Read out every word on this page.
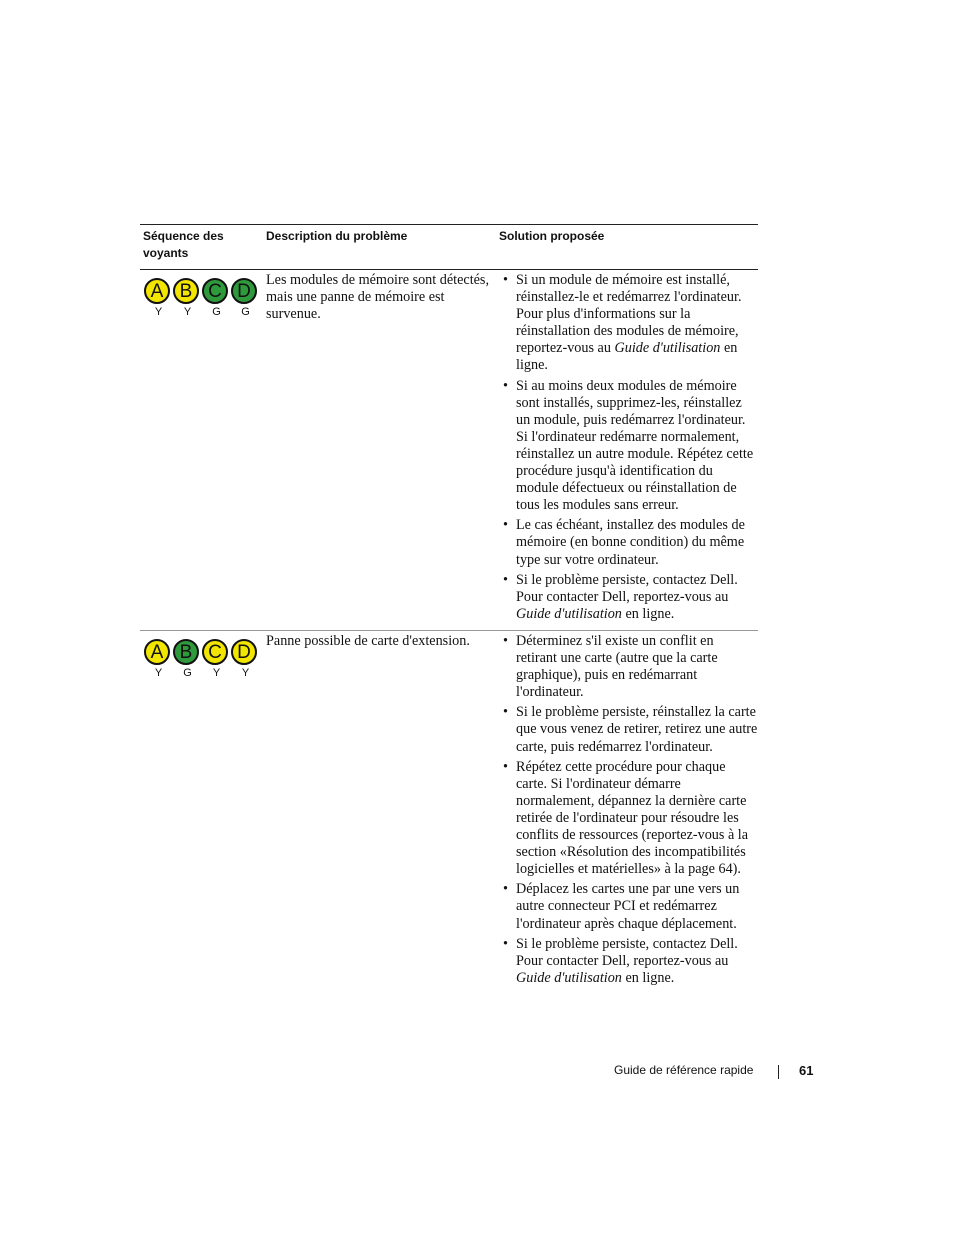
Séquence des
voyants
Description du problème	Solution proposée
A B C D
Y	Y	G	G
Les modules de mémoire sont détectés, mais une panne de mémoire est survenue.
• Si un module de mémoire est installé, réinstallez-le et redémarrez l'ordinateur. Pour plus d'informations sur la réinstallation des modules de mémoire, reportez-vous au Guide d'utilisation en ligne.
• Si au moins deux modules de mémoire sont installés, supprimez-les, réinstallez un module, puis redémarrez l'ordinateur. Si l'ordinateur redémarre normalement, réinstallez un autre module. Répétez cette procédure jusqu'à identification du module défectueux ou réinstallation de tous les modules sans erreur.
• Le cas échéant, installez des modules de mémoire (en bonne condition) du même type sur votre ordinateur.
• Si le problème persiste, contactez Dell. Pour contacter Dell, reportez-vous au Guide d'utilisation en ligne.
A B C D
Y	G	Y	Y
Panne possible de carte d'extension.
•	Déterminez s'il existe un conflit en retirant une carte (autre que la carte graphique), puis en redémarrant l'ordinateur.
• Si le problème persiste, réinstallez la carte que vous venez de retirer, retirez une autre carte, puis redémarrez l'ordinateur.
• Répétez cette procédure pour chaque carte. Si l'ordinateur démarre normalement, dépannez la dernière carte retirée de l'ordinateur pour résoudre les conflits de ressources (reportez-vous à la section «Résolution des incompatibilités logicielles et matérielles» à la page 64).
• Déplacez les cartes une par une vers un autre connecteur PCI et redémarrez l'ordinateur après chaque déplacement.
• Si le problème persiste, contactez Dell. Pour contacter Dell, reportez-vous au Guide d'utilisation en ligne.
Guide de référence rapide	61
